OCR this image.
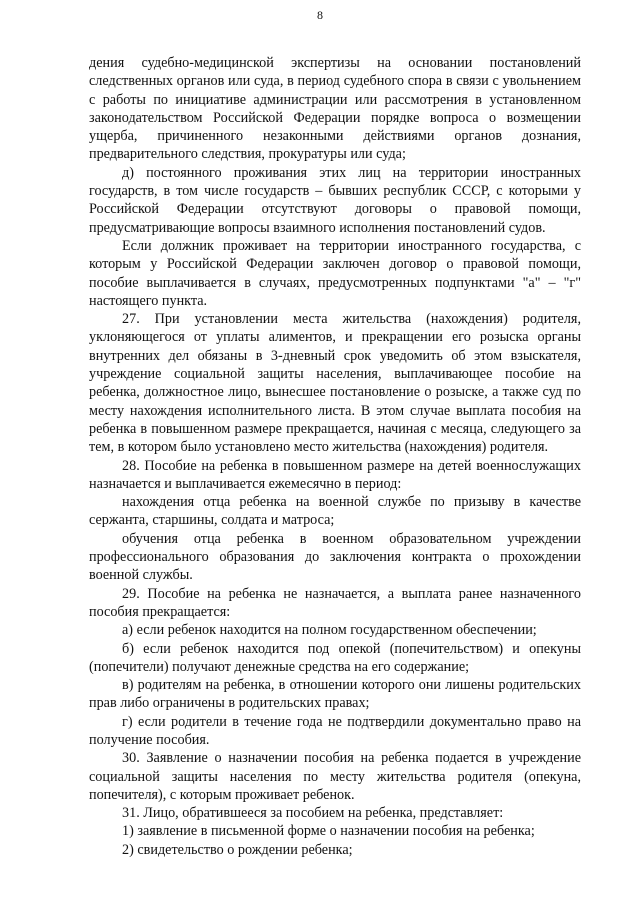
8

дения судебно-медицинской экспертизы на основании постановлений следственных органов или суда, в период судебного спора в связи с увольнением с работы по инициативе администрации или рассмотрения в установленном законодательством Российской Федерации порядке вопроса о возмещении ущерба, причиненного незаконными действиями органов дознания, предварительного следствия, прокуратуры или суда;

д) постоянного проживания этих лиц на территории иностранных государств, в том числе государств – бывших республик СССР, с которыми у Российской Федерации отсутствуют договоры о правовой помощи, предусматривающие вопросы взаимного исполнения постановлений судов.

Если должник проживает на территории иностранного государства, с которым у Российской Федерации заключен договор о правовой помощи, пособие выплачивается в случаях, предусмотренных подпунктами "а" – "г" настоящего пункта.

27. При установлении места жительства (нахождения) родителя, уклоняющегося от уплаты алиментов, и прекращении его розыска органы внутренних дел обязаны в 3-дневный срок уведомить об этом взыскателя, учреждение социальной защиты населения, выплачивающее пособие на ребенка, должностное лицо, вынесшее постановление о розыске, а также суд по месту нахождения исполнительного листа. В этом случае выплата пособия на ребенка в повышенном размере прекращается, начиная с месяца, следующего за тем, в котором было установлено место жительства (нахождения) родителя.

28. Пособие на ребенка в повышенном размере на детей военнослужащих назначается и выплачивается ежемесячно в период:

нахождения отца ребенка на военной службе по призыву в качестве сержанта, старшины, солдата и матроса;

обучения отца ребенка в военном образовательном учреждении профессионального образования до заключения контракта о прохождении военной службы.

29. Пособие на ребенка не назначается, а выплата ранее назначенного пособия прекращается:

а) если ребенок находится на полном государственном обеспечении;

б) если ребенок находится под опекой (попечительством) и опекуны (попечители) получают денежные средства на его содержание;

в) родителям на ребенка, в отношении которого они лишены родительских прав либо ограничены в родительских правах;

г) если родители в течение года не подтвердили документально право на получение пособия.

30. Заявление о назначении пособия на ребенка подается в учреждение социальной защиты населения по месту жительства родителя (опекуна, попечителя), с которым проживает ребенок.

31. Лицо, обратившееся за пособием на ребенка, представляет:

1) заявление в письменной форме о назначении пособия на ребенка;

2) свидетельство о рождении ребенка;
